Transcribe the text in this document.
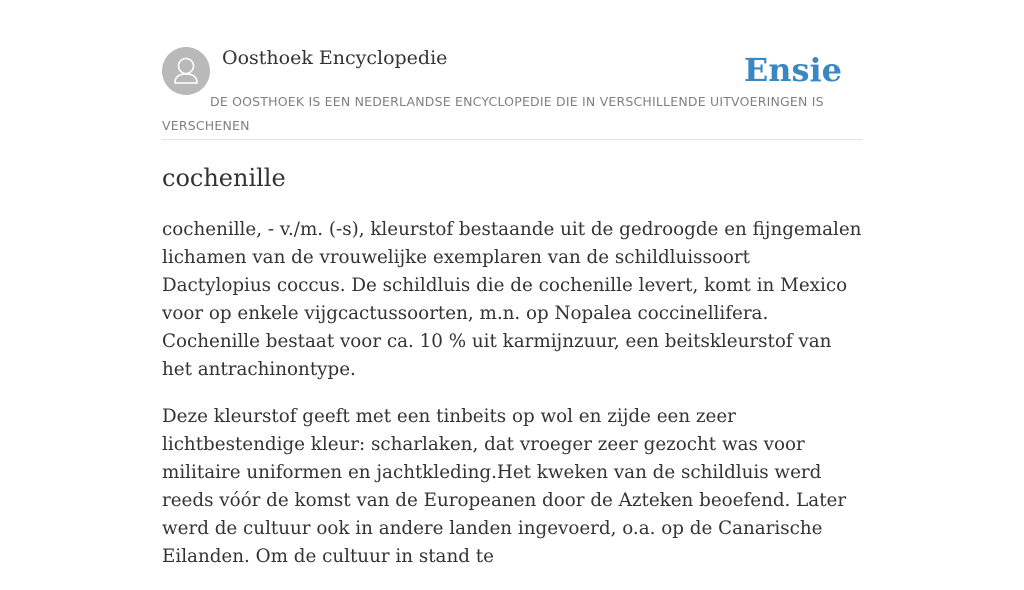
Oosthoek Encyclopedie	Ensie
DE OOSTHOEK IS EEN NEDERLANDSE ENCYCLOPEDIE DIE IN VERSCHILLENDE UITVOERINGEN IS VERSCHENEN
cochenille

cochenille, - v./m. (-s), kleurstof bestaande uit de gedroogde en fijngemalen lichamen van de vrouwelijke exemplaren van de schildluissoort Dactylopius coccus. De schildluis die de cochenille levert, komt in Mexico voor op enkele vijgcactussoorten, m.n. op Nopalea coccinellifera. Cochenille bestaat voor ca. 10 % uit karmijnzuur, een beitskleurstof van het antrachinontype.

Deze kleurstof geeft met een tinbeits op wol en zijde een zeer lichtbestendige kleur: scharlaken, dat vroeger zeer gezocht was voor militaire uniformen en jachtkleding.Het kweken van de schildluis werd reeds vóór de komst van de Europeanen door de Azteken beoefend. Later werd de cultuur ook in andere landen ingevoerd, o.a. op de Canarische Eilanden. Om de cultuur in stand te
